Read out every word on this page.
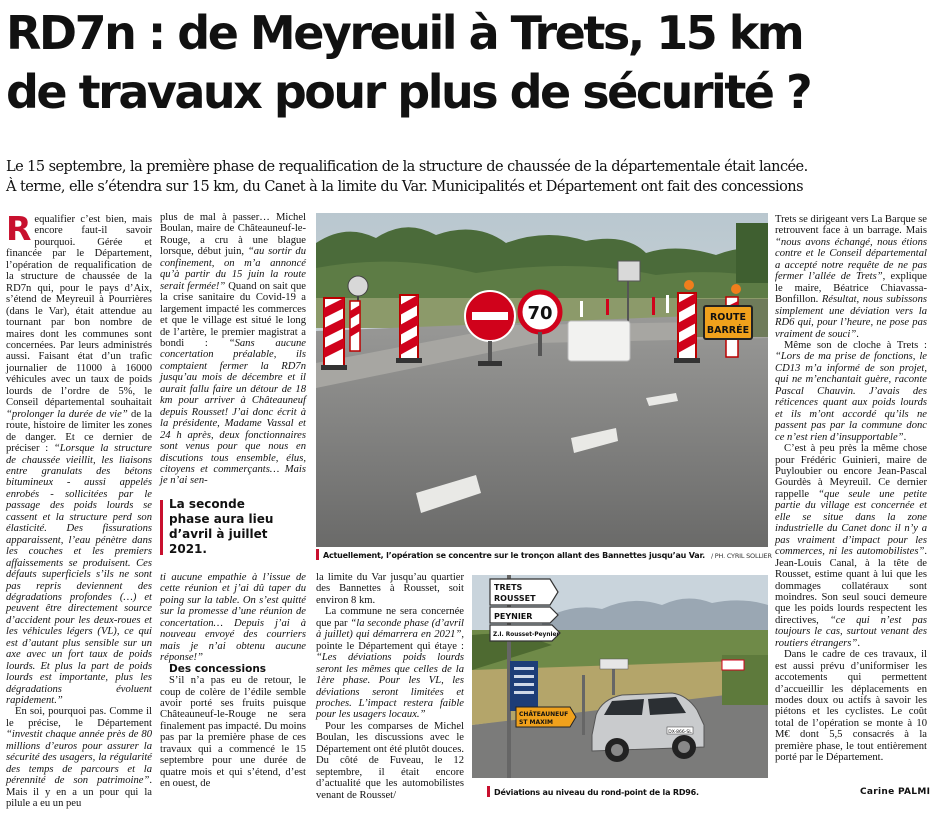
RD7n : de Meyreuil à Trets, 15 km
de travaux pour plus de sécurité ?

Le 15 septembre, la première phase de requalification de la structure de chaussée de la départementale était lancée.
À terme, elle s’étendra sur 15 km, du Canet à la limite du Var. Municipalités et Département ont fait des concessions

Requalifier c’est bien, mais encore faut-il savoir pourquoi. Gérée et financée par le Département, l’opération de requalification de la structure de chaussée de la RD7n qui, pour le pays d’Aix, s’étend de Meyreuil à Pourrières (dans le Var), était attendue au tournant par bon nombre de maires dont les communes sont concernées. Par leurs administrés aussi. Faisant état d’un trafic journalier de 11000 à 16000 véhicules avec un taux de poids lourds de l’ordre de 5%, le Conseil départemental souhaitait “prolonger la durée de vie” de la route, histoire de limiter les zones de danger. Et ce dernier de préciser : “Lorsque la structure de chaussée vieillit, les liaisons entre granulats des bétons bitumineux - aussi appelés enrobés - sollicitées par le passage des poids lourds se cassent et la structure perd son élasticité. Des fissurations apparaissent, l’eau pénètre dans les couches et les premiers affaissements se produisent. Ces défauts superficiels s’ils ne sont pas repris deviennent des dégradations profondes (…) et peuvent être directement source d’accident pour les deux-roues et les véhicules légers (VL), ce qui est d’autant plus sensible sur un axe avec un fort taux de poids lourds. Et plus la part de poids lourds est importante, plus les dégradations évoluent rapidement.”

En soi, pourquoi pas. Comme il le précise, le Département “investit chaque année près de 80 millions d’euros pour assurer la sécurité des usagers, la régularité des temps de parcours et la pérennité de son patrimoine”. Mais il y en a un pour qui la pilule a eu un peu

plus de mal à passer… Michel Boulan, maire de Châteauneuf-le-Rouge, a cru à une blague lorsque, début juin, “au sortir du confinement, on m’a annoncé qu’à partir du 15 juin la route serait fermée!” Quand on sait que la crise sanitaire du Covid-19 a largement impacté les commerces et que le village est situé le long de l’artère, le premier magistrat a bondi : “Sans aucune concertation préalable, ils comptaient fermer la RD7n jusqu’au mois de décembre et il aurait fallu faire un détour de 18 km pour arriver à Châteauneuf depuis Rousset! J’ai donc écrit à la présidente, Madame Vassal et 24 h après, deux fonctionnaires sont venus pour que nous en discutions tous ensemble, élus, citoyens et commerçants… Mais je n’ai sen-

La seconde phase aura lieu d’avril à juillet 2021.

ti aucune empathie à l’issue de cette réunion et j’ai dû taper du poing sur la table. On s’est quitté sur la promesse d’une réunion de concertation… Depuis j’ai à nouveau envoyé des courriers mais je n’ai obtenu aucune réponse!”

Des concessions

S’il n’a pas eu de retour, le coup de colère de l’édile semble avoir porté ses fruits puisque Châteauneuf-le-Rouge ne sera finalement pas impacté. Du moins pas par la première phase de ces travaux qui a commencé le 15 septembre pour une durée de quatre mois et qui s’étend, d’est en ouest, de

70	ROUTE
BARRÉE
Actuellement, l’opération se concentre sur le tronçon allant des Bannettes jusqu’au Var. / PH. CYRIL SOLLIER

la limite du Var jusqu’au quartier des Bannettes à Rousset, soit environ 8 km.

La commune ne sera concernée que par “la seconde phase (d’avril à juillet) qui démarrera en 2021”, pointe le Département qui étaye : “Les déviations poids lourds seront les mêmes que celles de la 1ère phase. Pour les VL, les déviations seront limitées et proches. L’impact restera faible pour les usagers locaux.”

Pour les comparses de Michel Boulan, les discussions avec le Département ont été plutôt douces. Du côté de Fuveau, le 12 septembre, il était encore d’actualité que les automobilistes venant de Rousset/

TRETS
ROUSSET
PEYNIER
Z.I. Rousset-Peynier
CHÂTEAUNEUF
ST MAXIM
DX-866-SL
Déviations au niveau du rond-point de la RD96.

Trets se dirigeant vers La Barque se retrouvent face à un barrage. Mais “nous avons échangé, nous étions contre et le Conseil départemental a accepté notre requête de ne pas fermer l’allée de Trets”, explique le maire, Béatrice Chiavassa-Bonfillon. Résultat, nous subissons simplement une déviation vers la RD6 qui, pour l’heure, ne pose pas vraiment de souci”.

Même son de cloche à Trets : “Lors de ma prise de fonctions, le CD13 m’a informé de son projet, qui ne m’enchantait guère, raconte Pascal Chauvin. J’avais des réticences quant aux poids lourds et ils m’ont accordé qu’ils ne passent pas par la commune donc ce n’est rien d’insupportable”.

C’est à peu près la même chose pour Frédéric Guinieri, maire de Puyloubier ou encore Jean-Pascal Gourdès à Meyreuil. Ce dernier rappelle “que seule une petite partie du village est concernée et elle se situe dans la zone industrielle du Canet donc il n’y a pas vraiment d’impact pour les commerces, ni les automobilistes”. Jean-Louis Canal, à la tête de Rousset, estime quant à lui que les dommages collatéraux sont moindres. Son seul souci demeure que les poids lourds respectent les directives, “ce qui n’est pas toujours le cas, surtout venant des routiers étrangers”.

Dans le cadre de ces travaux, il est aussi prévu d’uniformiser les accotements qui permettent d’accueillir les déplacements en modes doux ou actifs à savoir les piétons et les cyclistes. Le coût total de l’opération se monte à 10 M€ dont 5,5 consacrés à la première phase, le tout entièrement porté par le Département.

Carine PALMI
